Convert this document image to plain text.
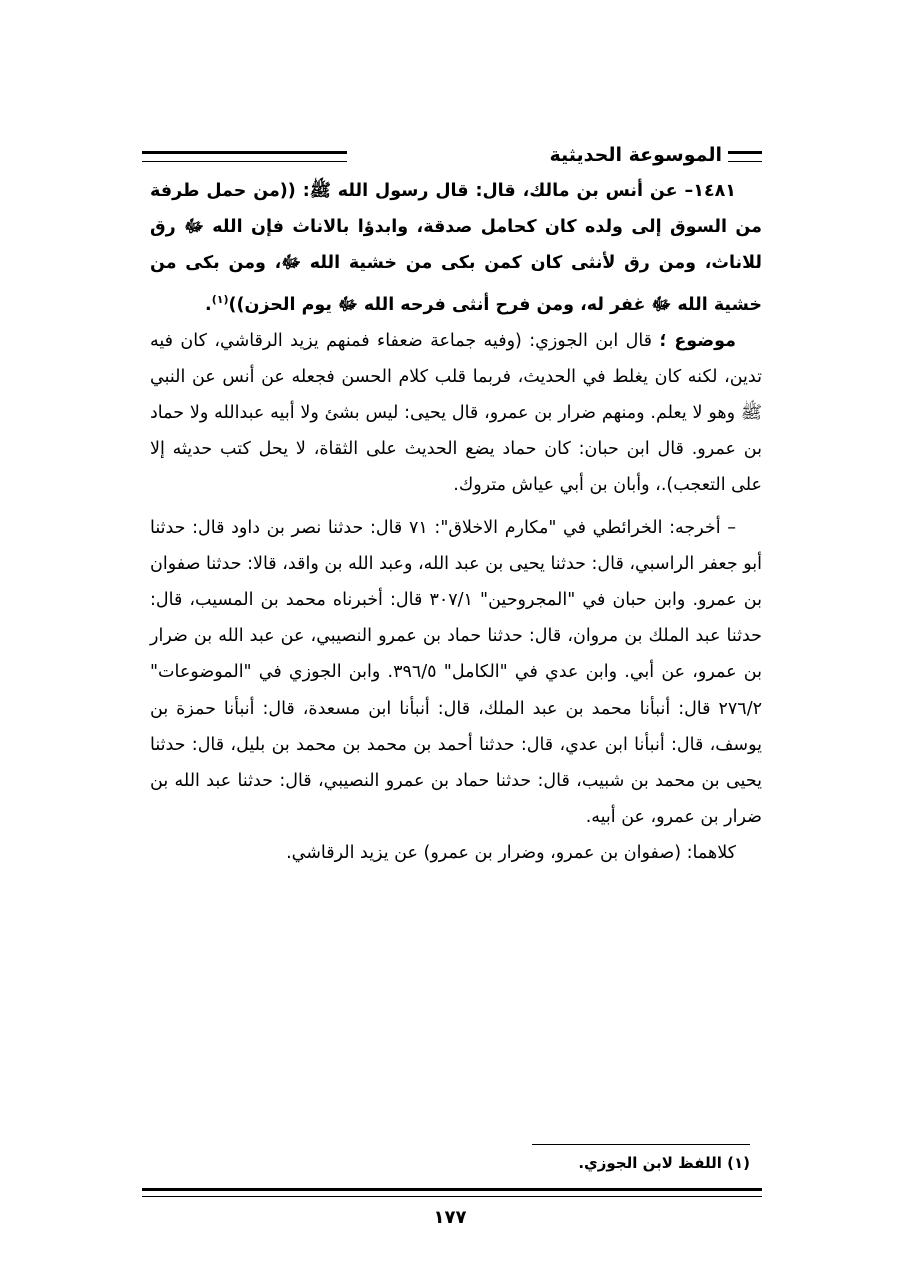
الموسوعة الحديثية

١٤٨١– عن أنس بن مالك، قال: قال رسول الله ﷺ: ((من حمل طرفة من السوق إلى ولده كان كحامل صدقة، وابدؤا بالاناث فإن الله ﷻ رق للاناث، ومن رق لأنثى كان كمن بكى من خشية الله ﷻ، ومن بكى من خشية الله ﷻ غفر له، ومن فرح أنثى فرحه الله ﷻ يوم الحزن))$^{(١)}$.

موضوع ؛ قال ابن الجوزي: (وفيه جماعة ضعفاء فمنهم يزيد الرقاشي، كان فيه تدين، لكنه كان يغلط في الحديث، فربما قلب كلام الحسن فجعله عن أنس عن النبي ﷺ وهو لا يعلم. ومنهم ضرار بن عمرو، قال يحيى: ليس بشئ ولا أبيه عبدالله ولا حماد بن عمرو. قال ابن حبان: كان حماد يضع الحديث على الثقاة، لا يحل كتب حديثه إلا على التعجب).، وأبان بن أبي عياش متروك.

– أخرجه: الخرائطي في "مكارم الاخلاق": ٧١ قال: حدثنا نصر بن داود قال: حدثنا أبو جعفر الراسبي، قال: حدثنا يحيى بن عبد الله، وعبد الله بن واقد، قالا: حدثنا صفوان بن عمرو. وابن حبان في "المجروحين" ٣٠٧/١ قال: أخبرناه محمد بن المسيب، قال: حدثنا عبد الملك بن مروان، قال: حدثنا حماد بن عمرو النصيبي، عن عبد الله بن ضرار بن عمرو، عن أبي. وابن عدي في "الكامل" ٣٩٦/٥. وابن الجوزي في "الموضوعات" ٢٧٦/٢ قال: أنبأنا محمد بن عبد الملك، قال: أنبأنا ابن مسعدة، قال: أنبأنا حمزة بن يوسف، قال: أنبأنا ابن عدي، قال: حدثنا أحمد بن محمد بن محمد بن بليل، قال: حدثنا يحيى بن محمد بن شبيب، قال: حدثنا حماد بن عمرو النصيبي، قال: حدثنا عبد الله بن ضرار بن عمرو، عن أبيه.

كلاهما: (صفوان بن عمرو، وضرار بن عمرو) عن يزيد الرقاشي.

(١) اللفظ لابن الجوزي.
١٧٧
